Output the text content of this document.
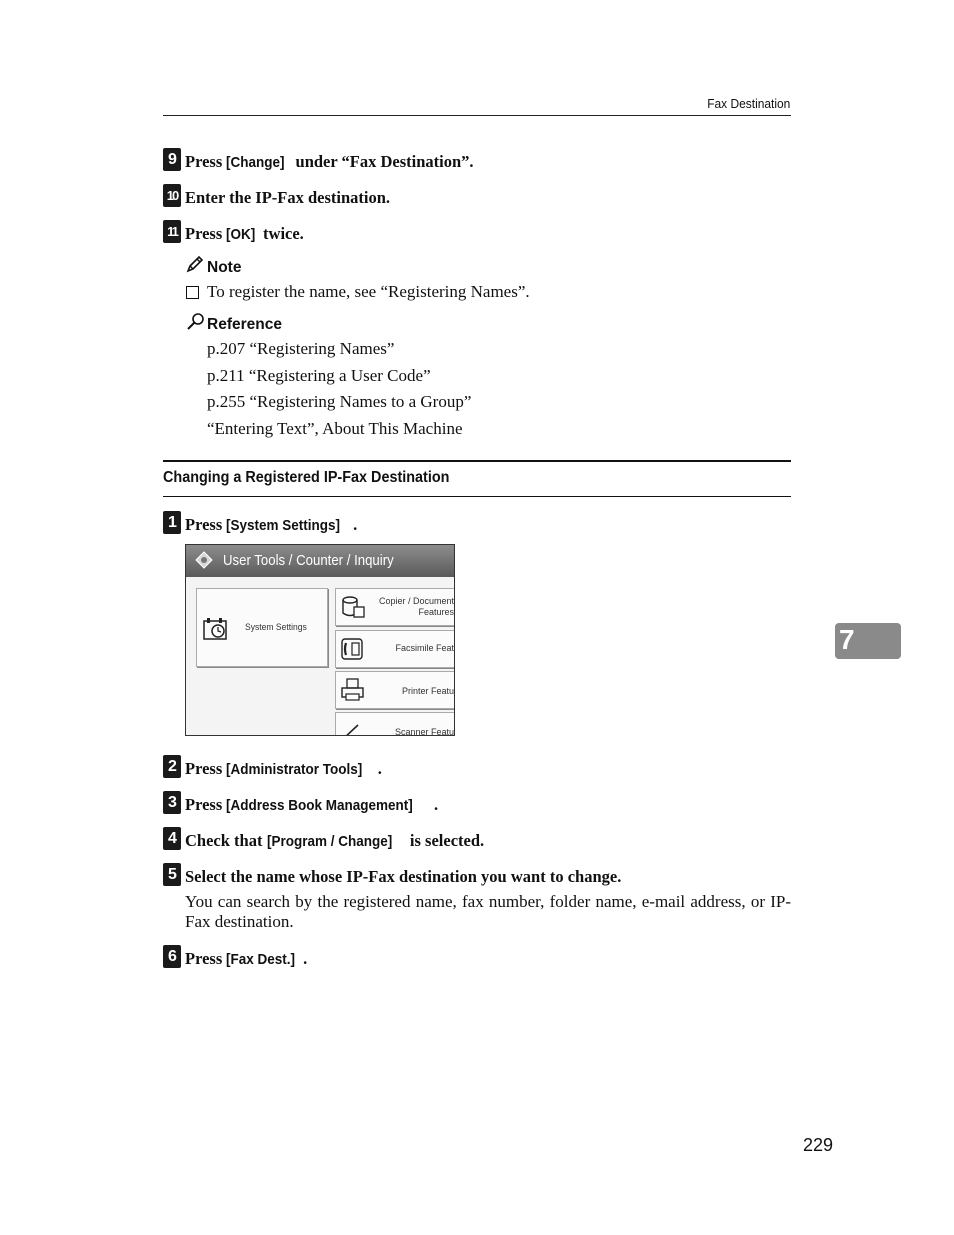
Fax Destination
9 Press [Change] under “Fax Destination”.
10 Enter the IP-Fax destination.
11 Press [OK] twice.
Note
To register the name, see “Registering Names”.
Reference
p.207 “Registering Names”
p.211 “Registering a User Code”
p.255 “Registering Names to a Group”
“Entering Text”, About This Machine
Changing a Registered IP-Fax Destination
1 Press [System Settings] .
User Tools / Counter / Inquiry
System Settings
Copier / Document
Features
Facsimile Feat
Printer Featu
Scanner Featu
2 Press [Administrator Tools] .
3 Press [Address Book Management] .
4 Check that [Program / Change] is selected.
5 Select the name whose IP-Fax destination you want to change.
You can search by the registered name, fax number, folder name, e-mail address, or IP-Fax destination.
6 Press [Fax Dest.] .
7
229
